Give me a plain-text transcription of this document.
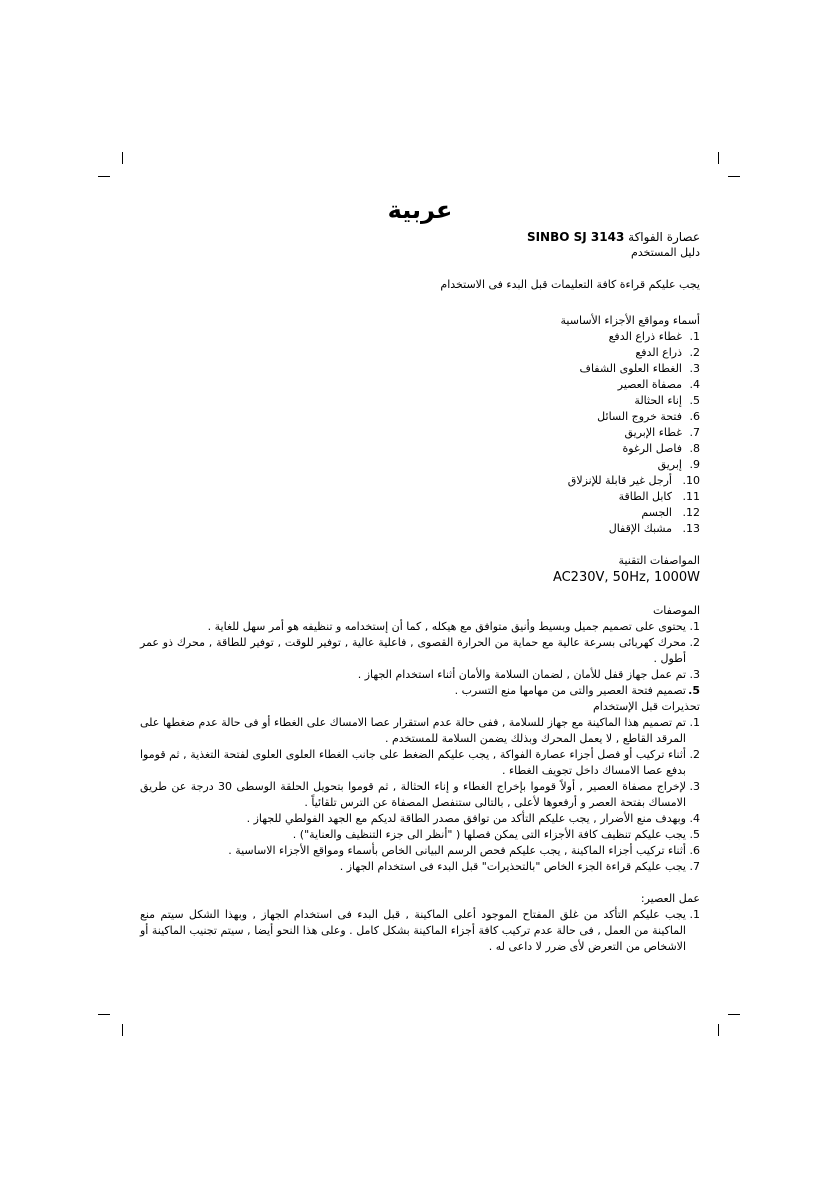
عربية
عصارة الفواكة SINBO SJ 3143
دليل المستخدم
يجب عليكم قراءة كافة التعليمات قبل البدء فى الاستخدام
أسماء ومواقع الأجزاء الأساسية
1.
غطاء ذراع الدفع
2.
ذراع الدفع
3.
الغطاء العلوى الشفاف
4.
مصفاة العصير
5.
إناء الحثالة
6.
فتحة خروج السائل
7.
غطاء الإبريق
8.
فاصل الرغوة
9.
إبريق
10.
أرجل غير قابلة للإنزلاق
11.
كابل الطاقة
12.
الجسم
13.
مشبك الإقفال
المواصفات التقنية
AC230V, 50Hz, 1000W
الموصفات
1.
يحتوى على تصميم جميل وبسيط وأنيق متوافق مع هيكله , كما أن إستخدامه و تنظيفه هو أمر سهل للغاية .
2.
محرك كهربائى بسرعة عالية مع حماية من الحرارة القصوى , فاعلية عالية , توفير للوقت , توفير للطاقة , محرك ذو عمر أطول .
3.
تم عمل جهاز قفل للأمان , لضمان السلامة والأمان أثناء استخدام الجهاز .
5.
تصميم فتحة العصير والتى من مهامها منع التسرب .
تحذيرات قبل الإستخدام
1.
تم تصميم هذا الماكينة مع جهاز للسلامة , ففى حالة عدم استقرار عصا الامساك على الغطاء أو فى حالة عدم ضغطها على المرقد القاطع , لا يعمل المحرك وبذلك يضمن السلامة للمستخدم .
2.
أثناء تركيب أو فصل أجزاء عصارة الفواكة , يجب عليكم الضغط على جانب الغطاء العلوى العلوى لفتحة التغذية , ثم قوموا بدفع عصا الامساك داخل تجويف الغطاء .
3.
لإخراج مصفاة العصير , أولاً قوموا بإخراج الغطاء و إناء الحثالة , ثم قوموا بتحويل الحلقة الوسطى 30 درجة عن طريق الامساك بفتحة العصر و أرفعوها لأعلى , بالتالى ستنفصل المصفاة عن الترس تلقائياً .
4.
وبهدف منع الأضرار , يجب عليكم التأكد من توافق مصدر الطاقة لديكم مع الجهد الفولطي للجهاز .
5.
يجب عليكم تنظيف كافة الأجزاء التى يمكن فصلها ( "أنظر الى جزء التنظيف والعناية") .
6.
أثناء تركيب أجزاء الماكينة , يجب عليكم فحص الرسم البيانى الخاص بأسماء ومواقع الأجزاء الاساسية .
7.
يجب عليكم قراءة الجزء الخاص "بالتحذيرات" قبل البدء فى استخدام الجهاز .
عمل العصير:
1.
يجب عليكم التأكد من غلق المفتاح الموجود أعلى الماكينة , قبل البدء فى استخدام الجهاز , وبهذا الشكل سيتم منع الماكينة من العمل , فى حالة عدم تركيب كافة أجزاء الماكينة بشكل كامل . وعلى هذا النحو أيضا , سيتم تجنيب الماكينة أو الاشخاص من التعرض لأى ضرر لا داعى له .
